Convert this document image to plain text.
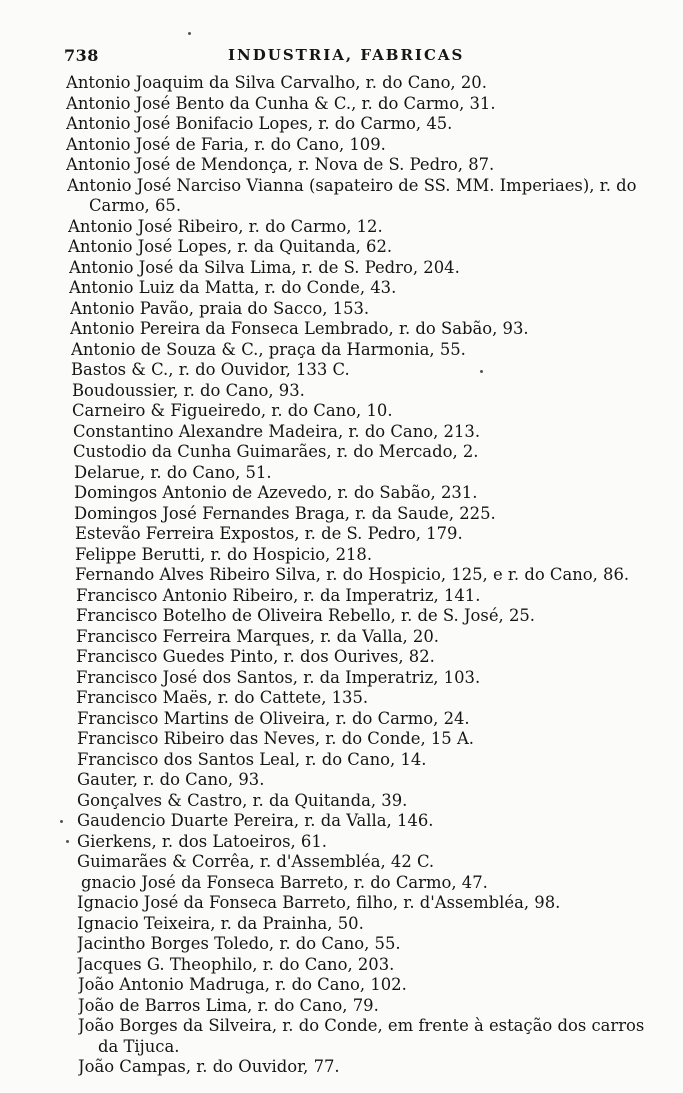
738	INDUSTRIA, FABRICAS

Antonio Joaquim da Silva Carvalho, r. do Cano, 20.

Antonio José Bento da Cunha & C., r. do Carmo, 31.

Antonio José Bonifacio Lopes, r. do Carmo, 45.

Antonio José de Faria, r. do Cano, 109.

Antonio José de Mendonça, r. Nova de S. Pedro, 87.

Antonio José Narciso Vianna (sapateiro de SS. MM. Imperiaes), r. do

Carmo, 65.

Antonio José Ribeiro, r. do Carmo, 12.

Antonio José Lopes, r. da Quitanda, 62.

Antonio José da Silva Lima, r. de S. Pedro, 204.

Antonio Luiz da Matta, r. do Conde, 43.

Antonio Pavão, praia do Sacco, 153.

Antonio Pereira da Fonseca Lembrado, r. do Sabão, 93.

Antonio de Souza & C., praça da Harmonia, 55.

Bastos & C., r. do Ouvidor, 133 C.

Boudoussier, r. do Cano, 93.

Carneiro & Figueiredo, r. do Cano, 10.

Constantino Alexandre Madeira, r. do Cano, 213.

Custodio da Cunha Guimarães, r. do Mercado, 2.

Delarue, r. do Cano, 51.

Domingos Antonio de Azevedo, r. do Sabão, 231.

Domingos José Fernandes Braga, r. da Saude, 225.

Estevão Ferreira Expostos, r. de S. Pedro, 179.

Felippe Berutti, r. do Hospicio, 218.

Fernando Alves Ribeiro Silva, r. do Hospicio, 125, e r. do Cano, 86.

Francisco Antonio Ribeiro, r. da Imperatriz, 141.

Francisco Botelho de Oliveira Rebello, r. de S. José, 25.

Francisco Ferreira Marques, r. da Valla, 20.

Francisco Guedes Pinto, r. dos Ourives, 82.

Francisco José dos Santos, r. da Imperatriz, 103.

Francisco Maës, r. do Cattete, 135.

Francisco Martins de Oliveira, r. do Carmo, 24.

Francisco Ribeiro das Neves, r. do Conde, 15 A.

Francisco dos Santos Leal, r. do Cano, 14.

Gauter, r. do Cano, 93.

Gonçalves & Castro, r. da Quitanda, 39.

Gaudencio Duarte Pereira, r. da Valla, 146.

Gierkens, r. dos Latoeiros, 61.

Guimarães & Corrêa, r. d'Assembléa, 42 C.

gnacio José da Fonseca Barreto, r. do Carmo, 47.

Ignacio José da Fonseca Barreto, filho, r. d'Assembléa, 98.

Ignacio Teixeira, r. da Prainha, 50.

Jacintho Borges Toledo, r. do Cano, 55.

Jacques G. Theophilo, r. do Cano, 203.

João Antonio Madruga, r. do Cano, 102.

João de Barros Lima, r. do Cano, 79.

João Borges da Silveira, r. do Conde, em frente à estação dos carros

da Tijuca.

João Campas, r. do Ouvidor, 77.
